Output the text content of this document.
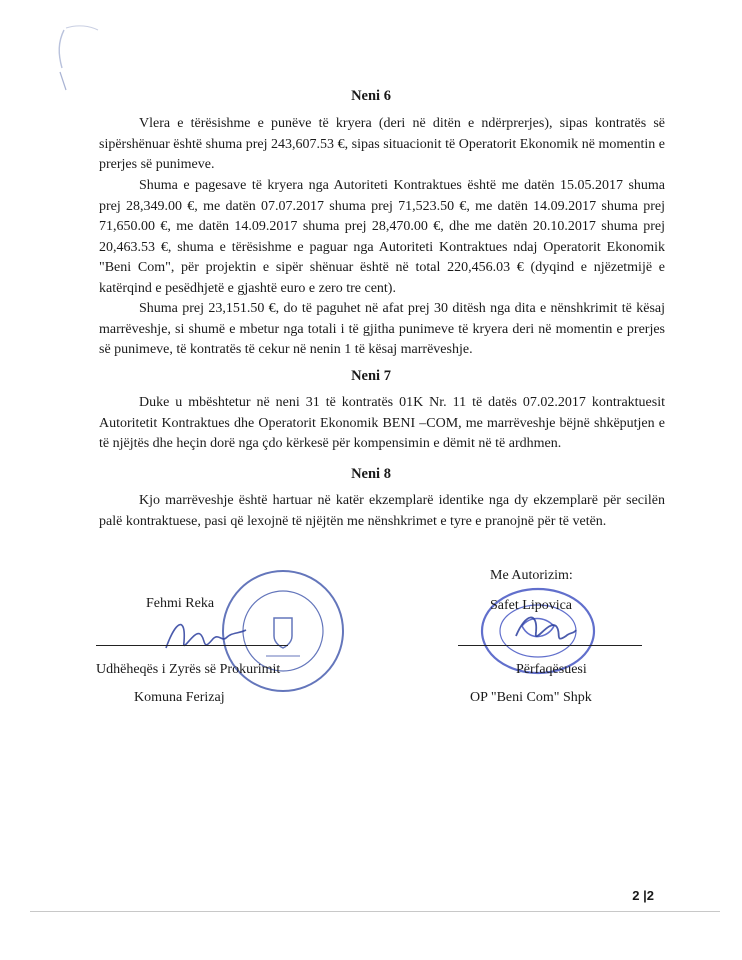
Neni 6

Vlera e tërësishme e punëve të kryera (deri në ditën e ndërprerjes), sipas kontratës së sipërshënuar është shuma prej 243,607.53 €, sipas situacionit të Operatorit Ekonomik në momentin e prerjes së punimeve.

Shuma e pagesave të kryera nga Autoriteti Kontraktues është me datën 15.05.2017 shuma prej 28,349.00 €, me datën 07.07.2017 shuma prej 71,523.50 €, me datën 14.09.2017 shuma prej 71,650.00 €, me datën 14.09.2017 shuma prej 28,470.00 €, dhe me datën 20.10.2017 shuma prej 20,463.53 €, shuma e tërësishme e paguar nga Autoriteti Kontraktues ndaj Operatorit Ekonomik "Beni Com", për projektin e sipër shënuar është në total 220,456.03 € (dyqind e njëzetmijë e katërqind e pesëdhjetë e gjashtë euro e zero tre cent).

Shuma prej 23,151.50 €, do të paguhet në afat prej 30 ditësh nga dita e nënshkrimit të kësaj marrëveshje, si shumë e mbetur nga totali i të gjitha punimeve të kryera deri në momentin e prerjes së punimeve, të kontratës të cekur në nenin 1 të kësaj marrëveshje.

Neni 7

Duke u mbështetur në neni 31 të kontratës 01K Nr. 11 të datës 07.02.2017 kontraktuesit Autoritetit Kontraktues dhe Operatorit Ekonomik BENI –COM, me marrëveshje bëjnë shkëputjen e të njëjtës dhe heçin dorë nga çdo kërkesë për kompensimin e dëmit në të ardhmen.

Neni 8

Kjo marrëveshje është hartuar në katër ekzemplarë identike nga dy ekzemplarë për secilën palë kontraktuese, pasi që lexojnë të njëjtën me nënshkrimet e tyre e pranojnë për të vetën.

Fehmi Reka
Udhëheqës i Zyrës së Prokurimit
Komuna Ferizaj
Me Autorizim:
Safet Lipovica
Përfaqësuesi
OP "Beni Com" Shpk
2 |2
